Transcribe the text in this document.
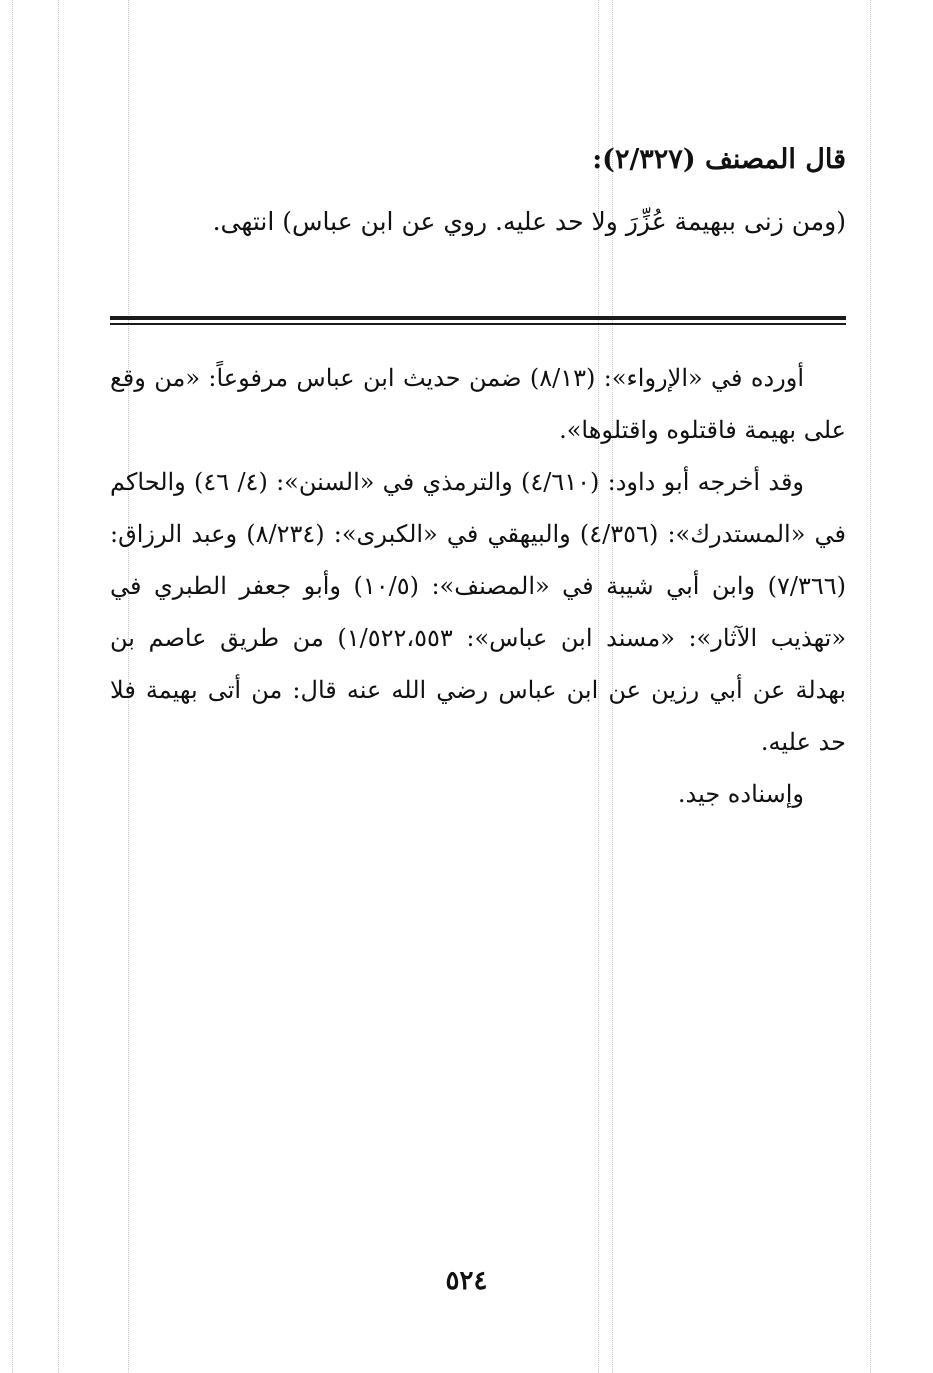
قال المصنف (٢/٣٢٧):

(ومن زنى ببهيمة عُزِّرَ ولا حد عليه. روي عن ابن عباس) انتهى.

أورده في «الإرواء»: (٨/١٣) ضمن حديث ابن عباس مرفوعاً: «من وقع على بهيمة فاقتلوه واقتلوها».

وقد أخرجه أبو داود: (٤/٦١٠) والترمذي في «السنن»: (٤/ ٤٦) والحاكم في «المستدرك»: (٤/٣٥٦) والبيهقي في «الكبرى»: (٨/٢٣٤) وعبد الرزاق: (٧/٣٦٦) وابن أبي شيبة في «المصنف»: (١٠/٥) وأبو جعفر الطبري في «تهذيب الآثار»: «مسند ابن عباس»: ١/٥٢٢،٥٥٣) من طريق عاصم بن بهدلة عن أبي رزين عن ابن عباس رضي الله عنه قال: من أتى بهيمة فلا حد عليه.

وإسناده جيد.

٥٢٤
